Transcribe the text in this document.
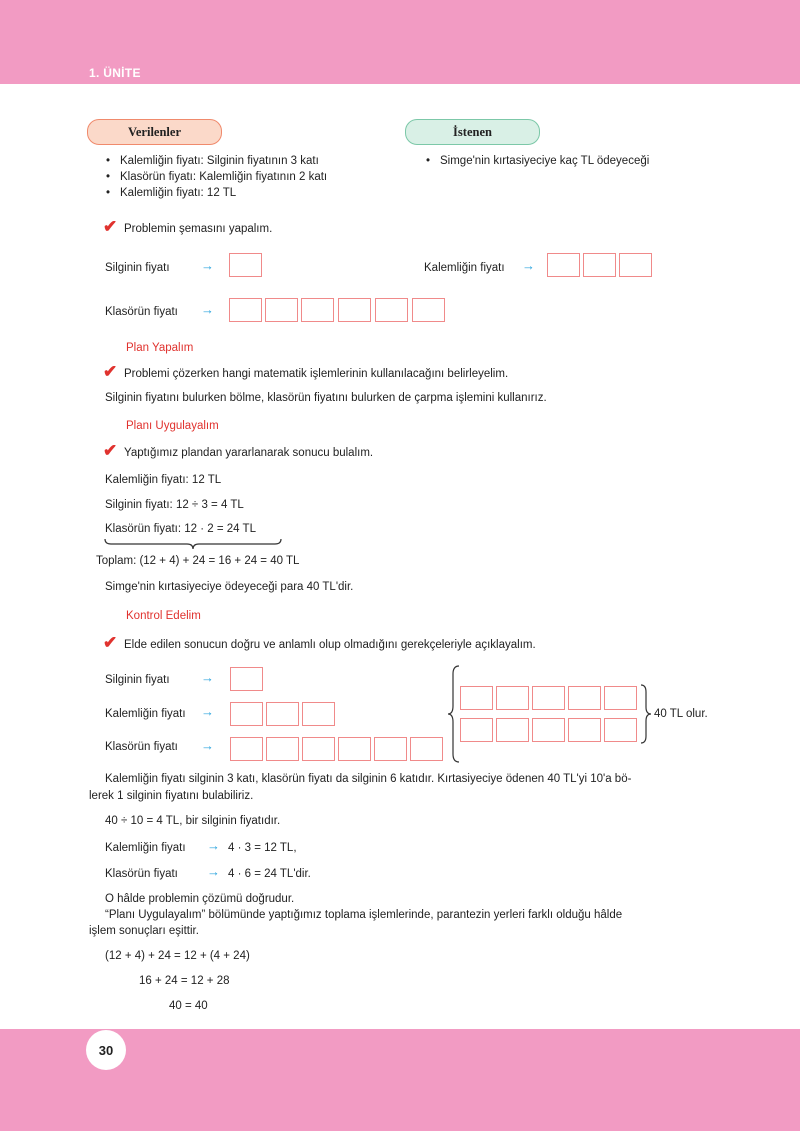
1. ÜNİTE
Verilenler	İstenen
• Kalemliğin fiyatı: Silginin fiyatının 3 katı
• Klasörün fiyatı: Kalemliğin fiyatının 2 katı
• Kalemliğin fiyatı: 12 TL
• Simge'nin kırtasiyeciye kaç TL ödeyeceği
✔ Problemin şemasını yapalım.
Silginin fiyatı →	Kalemliğin fiyatı →
Klasörün fiyatı →
Plan Yapalım
✔ Problemi çözerken hangi matematik işlemlerinin kullanılacağını belirleyelim.
Silginin fiyatını bulurken bölme, klasörün fiyatını bulurken de çarpma işlemini kullanırız.
Planı Uygulayalım
✔ Yaptığımız plandan yararlanarak sonucu bulalım.
Kalemliğin fiyatı: 12 TL
Silginin fiyatı: 12 ÷ 3 = 4 TL
Klasörün fiyatı: 12 · 2 = 24 TL
Toplam: (12 + 4) + 24 = 16 + 24 = 40 TL
Simge'nin kırtasiyeciye ödeyeceği para 40 TL'dir.
Kontrol Edelim
✔ Elde edilen sonucun doğru ve anlamlı olup olmadığını gerekçeleriyle açıklayalım.
Silginin fiyatı →
Kalemliğin fiyatı →
Klasörün fiyatı →
40 TL olur.
Kalemliğin fiyatı silginin 3 katı, klasörün fiyatı da silginin 6 katıdır. Kırtasiyeciye ödenen 40 TL'yi 10'a bö-
lerek 1 silginin fiyatını bulabiliriz.
40 ÷ 10 = 4 TL, bir silginin fiyatıdır.
Kalemliğin fiyatı → 4 · 3 = 12 TL,
Klasörün fiyatı → 4 · 6 = 24 TL'dir.
O hâlde problemin çözümü doğrudur.
“Planı Uygulayalım” bölümünde yaptığımız toplama işlemlerinde, parantezin yerleri farklı olduğu hâlde
işlem sonuçları eşittir.
(12 + 4) + 24 = 12 + (4 + 24)
16 + 24 = 12 + 28
40 = 40
30
